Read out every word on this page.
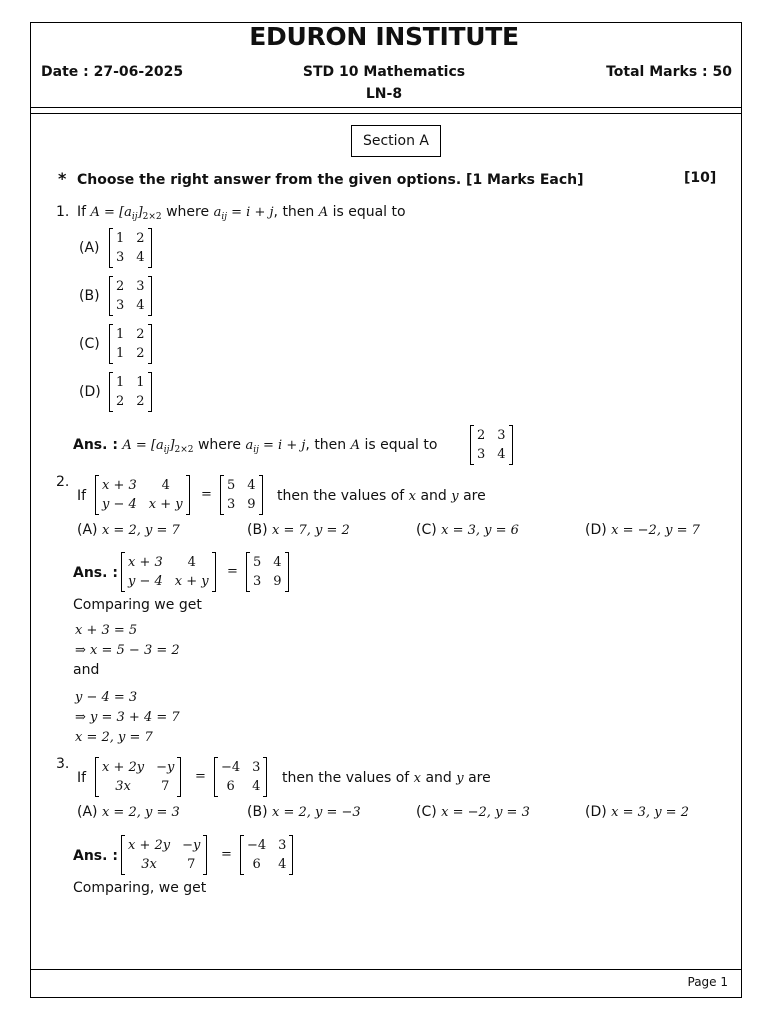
EDURON INSTITUTE
Date : 27-06-2025	STD 10 Mathematics	Total Marks : 50
LN-8
Section A
* Choose the right answer from the given options. [1 Marks Each]	[10]
1. If $A = [a_{ij}]_{2\times 2}$ where $a_{ij} = i + j$, then A is equal to
(A)
1	2
3	4
(B)
2	3
3	4
(C)
1	2
1	2
(D)
1	1
2	2
Ans. : $A = [a_{ij}]_{2\times 2}$ where $a_{ij} = i + j$, then A is equal to
2	3
3	4
2.
If
x + 3	4
y − 4	x + y
=
5	4
3	9
then the values of x and y are
(A) x = 2, y = 7	(B) x = 7, y = 2	(C) x = 3, y = 6	(D) x = −2, y = 7
Ans. :
x + 3	4
y − 4	x + y
=
5	4
3	9
Comparing we get
x + 3 = 5
⇒ x = 5 − 3 = 2
and
y − 4 = 3
⇒ y = 3 + 4 = 7
x = 2, y = 7
3.
If
x + 2y	−y
3x	7
=
−4	3
6	4
then the values of x and y are
(A) x = 2, y = 3	(B) x = 2, y = −3	(C) x = −2, y = 3	(D) x = 3, y = 2
Ans. :
x + 2y	−y
3x	7
=
−4	3
6	4
Comparing, we get
Page 1
